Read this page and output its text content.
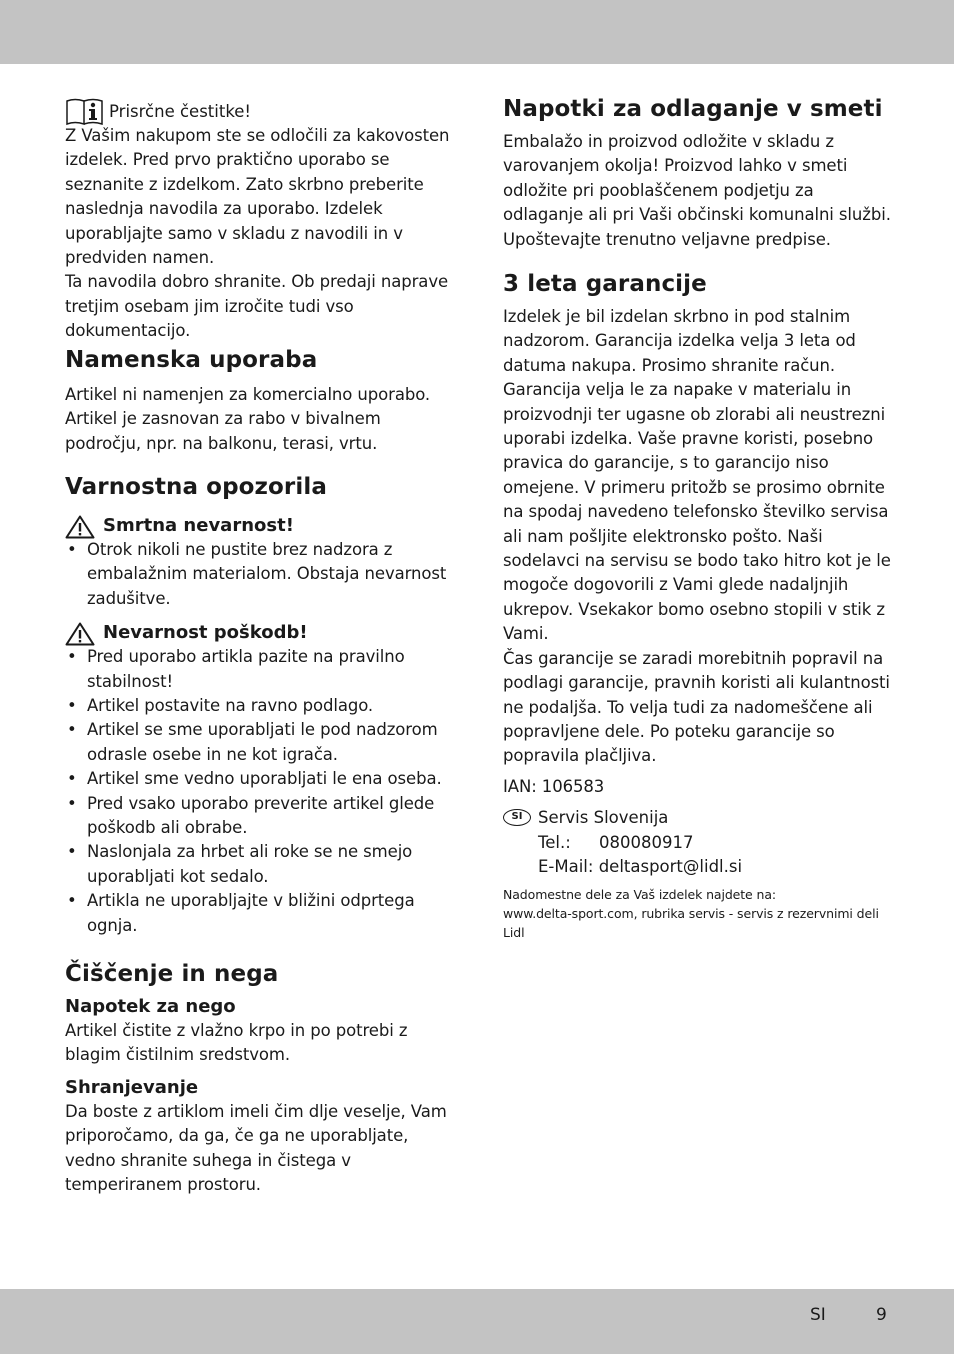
Prisrčne čestitke!

Z Vašim nakupom ste se odločili za kakovosten izdelek. Pred prvo praktično uporabo se seznanite z izdelkom. Zato skrbno preberite naslednja navodila za uporabo. Izdelek uporabljajte samo v skladu z navodili in v predviden namen.

Ta navodila dobro shranite. Ob predaji naprave tretjim osebam jim izročite tudi vso dokumentacijo.

Namenska uporaba

Artikel ni namenjen za komercialno uporabo. Artikel je zasnovan za rabo v bivalnem področju, npr. na balkonu, terasi, vrtu.

Varnostna opozorila
Smrtna nevarnost!
• Otrok nikoli ne pustite brez nadzora z embalažnim materialom. Obstaja nevarnost zadušitve.
Nevarnost poškodb!
• Pred uporabo artikla pazite na pravilno stabilnost!
• Artikel postavite na ravno podlago.
• Artikel se sme uporabljati le pod nadzorom odrasle osebe in ne kot igrača.
• Artikel sme vedno uporabljati le ena oseba.
• Pred vsako uporabo preverite artikel glede poškodb ali obrabe.
• Naslonjala za hrbet ali roke se ne smejo uporabljati kot sedalo.
• Artikla ne uporabljajte v bližini odprtega ognja.
Čiščenje in nega
Napotek za nego

Artikel čistite z vlažno krpo in po potrebi z blagim čistilnim sredstvom.

Shranjevanje

Da boste z artiklom imeli čim dlje veselje, Vam priporočamo, da ga, če ga ne uporabljate, vedno shranite suhega in čistega v temperiranem prostoru.

Napotki za odlaganje v smeti

Embalažo in proizvod odložite v skladu z varovanjem okolja! Proizvod lahko v smeti odložite pri pooblaščenem podjetju za odlaganje ali pri Vaši občinski komunalni službi.

Upoštevajte trenutno veljavne predpise.

3 leta garancije

Izdelek je bil izdelan skrbno in pod stalnim nadzorom. Garancija izdelka velja 3 leta od datuma nakupa. Prosimo shranite račun. Garancija velja le za napake v materialu in proizvodnji ter ugasne ob zlorabi ali neustrezni uporabi izdelka. Vaše pravne koristi, posebno pravica do garancije, s to garancijo niso omejene. V primeru pritožb se prosimo obrnite na spodaj navedeno telefonsko številko servisa ali nam pošljite elektronsko pošto. Naši sodelavci na servisu se bodo tako hitro kot je le mogoče dogovorili z Vami glede nadaljnjih ukrepov. Vsekakor bomo osebno stopili v stik z Vami.

Čas garancije se zaradi morebitnih popravil na podlagi garancije, pravnih koristi ali kulantnosti ne podaljša. To velja tudi za nadomeščene ali popravljene dele. Po poteku garancije so popravila plačljiva.

IAN: 106583

SI Servis Slovenija
Tel.: 080080917
E-Mail: deltasport@lidl.si

Nadomestne dele za Vaš izdelek najdete na:

www.delta-sport.com, rubrika servis - servis z rezervnimi deli Lidl

SI	9
